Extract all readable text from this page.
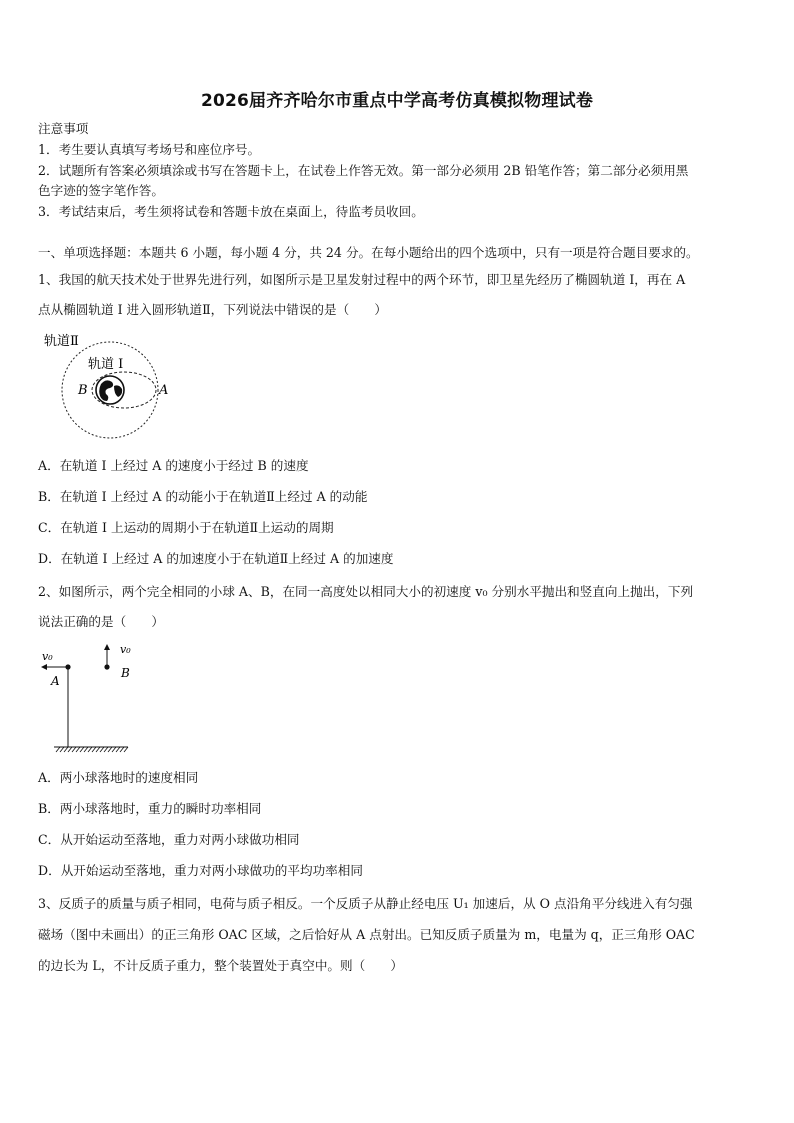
2026届齐齐哈尔市重点中学高考仿真模拟物理试卷
注意事项
1．考生要认真填写考场号和座位序号。
2．试题所有答案必须填涂或书写在答题卡上，在试卷上作答无效。第一部分必须用 2B 铅笔作答；第二部分必须用黑
色字迹的签字笔作答。
3．考试结束后，考生须将试卷和答题卡放在桌面上，待监考员收回。
一、单项选择题：本题共 6 小题，每小题 4 分，共 24 分。在每小题给出的四个选项中，只有一项是符合题目要求的。
1、我国的航天技术处于世界先进行列，如图所示是卫星发射过程中的两个环节，即卫星先经历了椭圆轨道 I，再在 A
点从椭圆轨道 I 进入圆形轨道Ⅱ，下列说法中错误的是（　　）
轨道Ⅱ
轨道 I
B	A
A．在轨道 I 上经过 A 的速度小于经过 B 的速度
B．在轨道 I 上经过 A 的动能小于在轨道Ⅱ上经过 A 的动能
C．在轨道 I 上运动的周期小于在轨道Ⅱ上运动的周期
D．在轨道 I 上经过 A 的加速度小于在轨道Ⅱ上经过 A 的加速度
2、如图所示，两个完全相同的小球 A、B，在同一高度处以相同大小的初速度 v₀ 分别水平抛出和竖直向上抛出，下列
说法正确的是（　　）
v₀
v₀
A
B
A．两小球落地时的速度相同
B．两小球落地时，重力的瞬时功率相同
C．从开始运动至落地，重力对两小球做功相同
D．从开始运动至落地，重力对两小球做功的平均功率相同
3、反质子的质量与质子相同，电荷与质子相反。一个反质子从静止经电压 U₁ 加速后，从 O 点沿角平分线进入有匀强
磁场（图中未画出）的正三角形 OAC 区域，之后恰好从 A 点射出。已知反质子质量为 m，电量为 q，正三角形 OAC
的边长为 L，不计反质子重力，整个装置处于真空中。则（　　）
